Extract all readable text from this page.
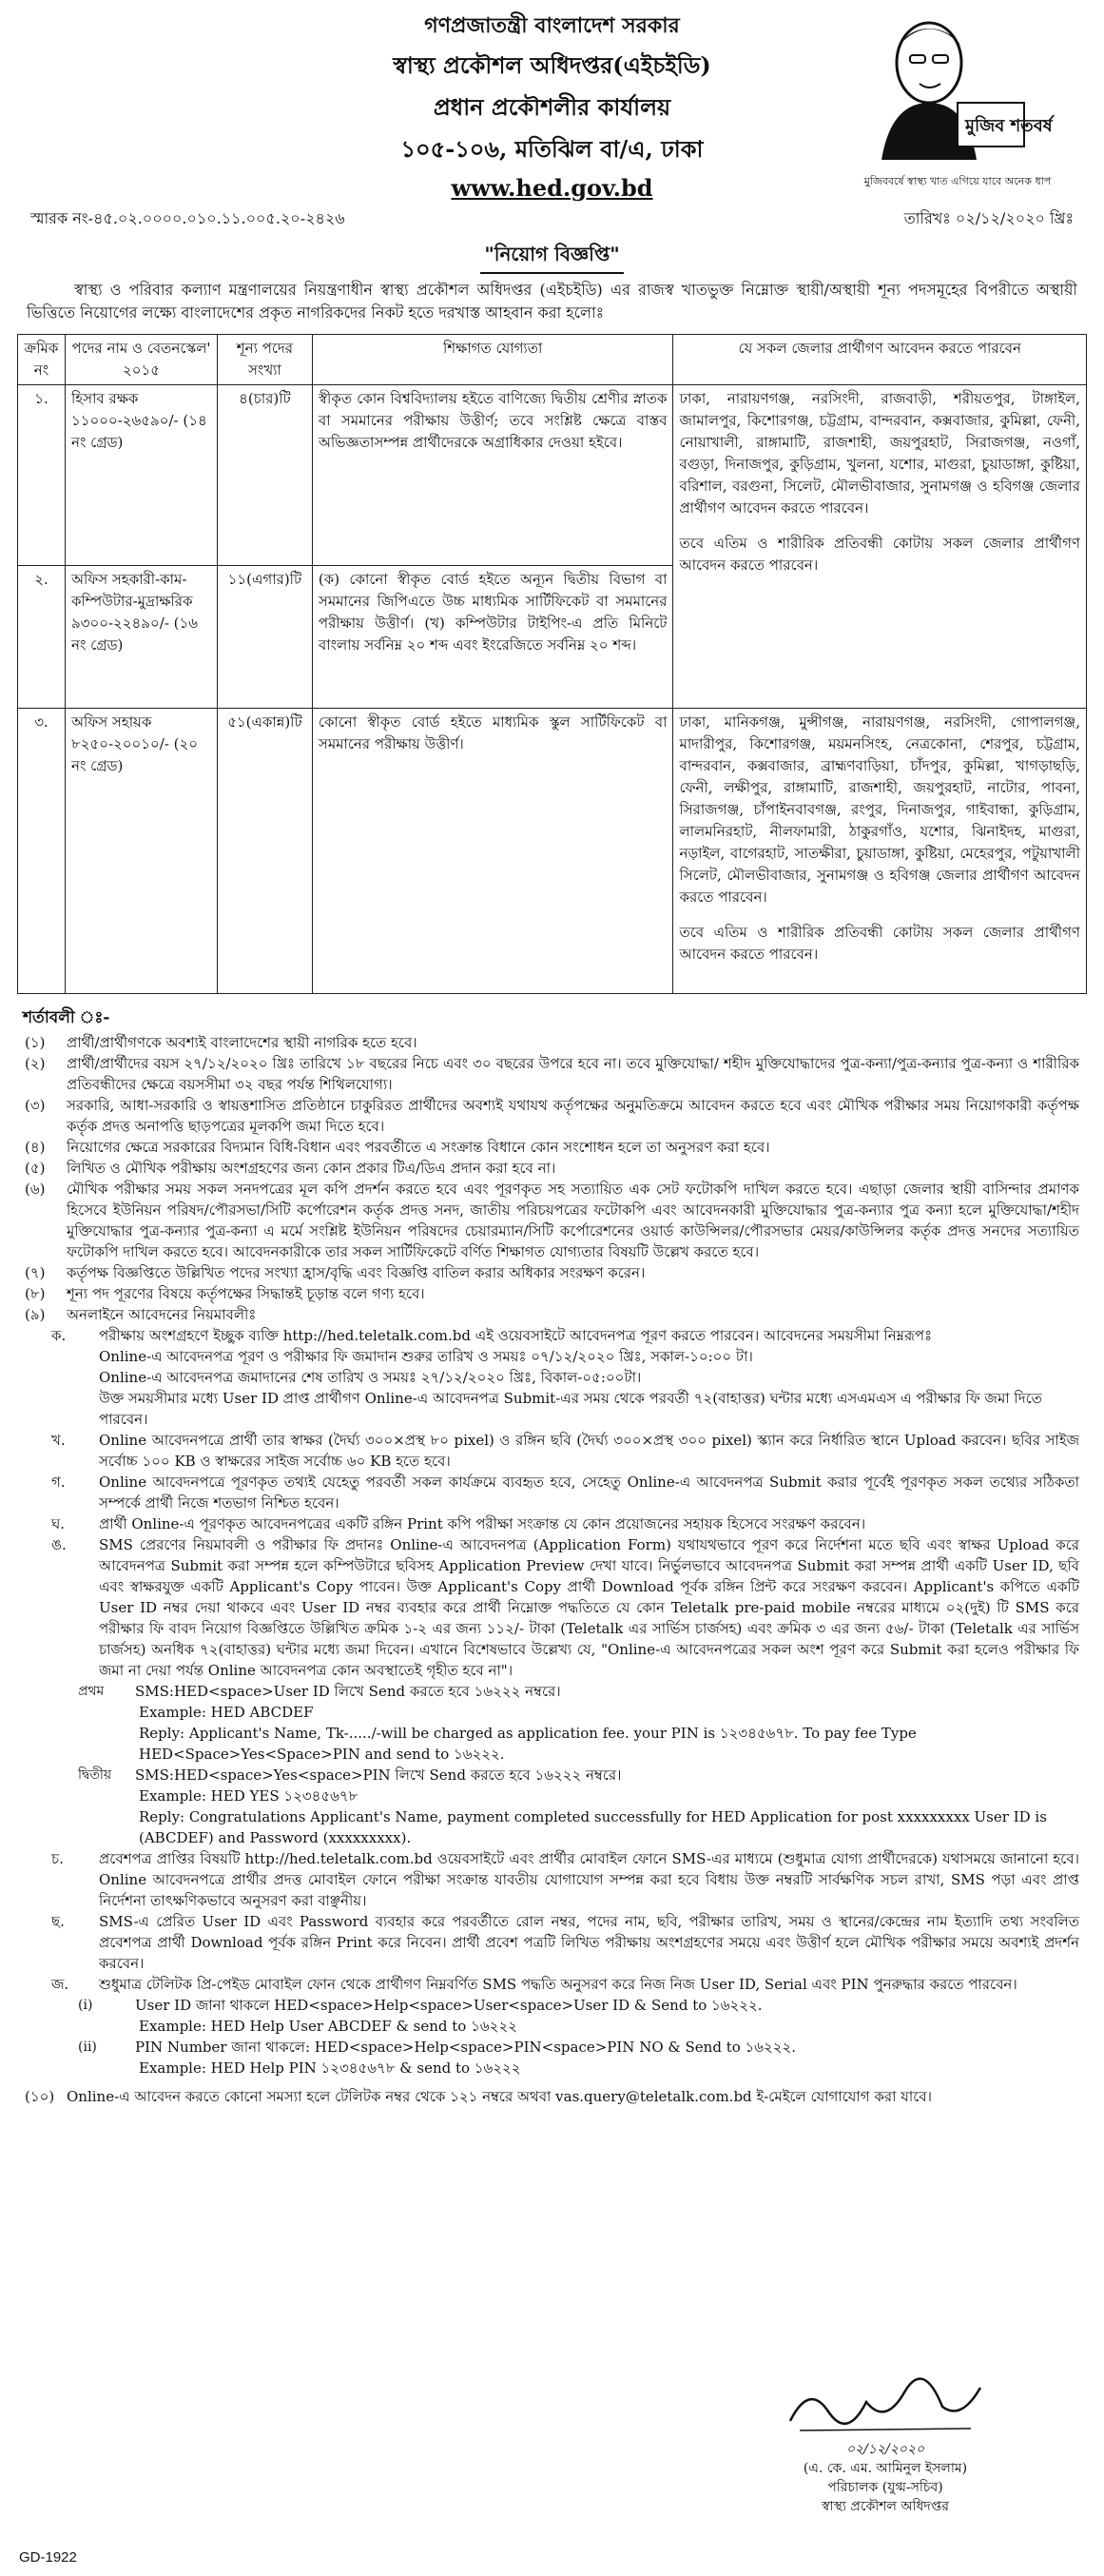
গণপ্রজাতন্ত্রী বাংলাদেশ সরকার
স্বাস্থ্য প্রকৌশল অধিদপ্তর(এইচইডি)
প্রধান প্রকৌশলীর কার্যালয়
১০৫-১০৬, মতিঝিল বা/এ, ঢাকা
www.hed.gov.bd
মুজিব শতবর্ষ
মুজিববর্ষে স্বাস্থ্য খাত এগিয়ে যাবে অনেক ধাপ
স্মারক নং-৪৫.০২.০০০০.০১০.১১.০০৫.২০-২৪২৬	তারিখঃ ০২/১২/২০২০ খ্রিঃ
"নিয়োগ বিজ্ঞপ্তি"

স্বাস্থ্য ও পরিবার কল্যাণ মন্ত্রণালয়ের নিয়ন্ত্রণাধীন স্বাস্থ্য প্রকৌশল অধিদপ্তর (এইচইডি) এর রাজস্ব খাতভুক্ত নিম্নোক্ত স্থায়ী/অস্থায়ী শূন্য পদসমূহের বিপরীতে অস্থায়ী ভিত্তিতে নিয়োগের লক্ষ্যে বাংলাদেশের প্রকৃত নাগরিকদের নিকট হতে দরখাস্ত আহবান করা হলোঃ

ক্রমিক নং	পদের নাম ও বেতনস্কেল' ২০১৫	শূন্য পদের সংখ্যা	শিক্ষাগত যোগ্যতা	যে সকল জেলার প্রার্থীগণ আবেদন করতে পারবেন
১.	হিসাব রক্ষক ১১০০০-২৬৫৯০/- (১৪ নং গ্রেড)	৪(চার)টি	স্বীকৃত কোন বিশ্ববিদ্যালয় হইতে বাণিজ্যে দ্বিতীয় শ্রেণীর স্নাতক বা সমমানের পরীক্ষায় উত্তীর্ণ; তবে সংশ্লিষ্ট ক্ষেত্রে বাস্তব অভিজ্ঞতাসম্পন্ন প্রার্থীদেরকে অগ্রাধিকার দেওয়া হইবে।	ঢাকা, নারায়ণগঞ্জ, নরসিংদী, রাজবাড়ী, শরীয়তপুর, টাঙ্গাইল, জামালপুর, কিশোরগঞ্জ, চট্টগ্রাম, বান্দরবান, কক্সবাজার, কুমিল্লা, ফেনী, নোয়াখালী, রাঙ্গামাটি, রাজশাহী, জয়পুরহাট, সিরাজগঞ্জ, নওগাঁ, বগুড়া, দিনাজপুর, কুড়িগ্রাম, খুলনা, যশোর, মাগুরা, চুয়াডাঙ্গা, কুষ্টিয়া, বরিশাল, বরগুনা, সিলেট, মৌলভীবাজার, সুনামগঞ্জ ও হবিগঞ্জ জেলার প্রার্থীগণ আবেদন করতে পারবেন।
তবে এতিম ও শারীরিক প্রতিবন্ধী কোটায় সকল জেলার প্রার্থীগণ আবেদন করতে পারবেন।

২.	অফিস সহকারী-কাম-কম্পিউটার-মুদ্রাক্ষরিক ৯৩০০-২২৪৯০/- (১৬ নং গ্রেড)	১১(এগার)টি	(ক) কোনো স্বীকৃত বোর্ড হইতে অন্যূন দ্বিতীয় বিভাগ বা সমমানের জিপিএতে উচ্চ মাধ্যমিক সার্টিফিকেট বা সমমানের পরীক্ষায় উত্তীর্ণ। (খ) কম্পিউটার টাইপিং-এ প্রতি মিনিটে বাংলায় সর্বনিম্ন ২০ শব্দ এবং ইংরেজিতে সর্বনিম্ন ২০ শব্দ।	
৩.	অফিস সহায়ক ৮২৫০-২০০১০/- (২০ নং গ্রেড)	৫১(একান্ন)টি	কোনো স্বীকৃত বোর্ড হইতে মাধ্যমিক স্কুল সার্টিফিকেট বা সমমানের পরীক্ষায় উত্তীর্ণ।	ঢাকা, মানিকগঞ্জ, মুন্সীগঞ্জ, নারায়ণগঞ্জ, নরসিংদী, গোপালগঞ্জ, মাদারীপুর, কিশোরগঞ্জ, ময়মনসিংহ, নেত্রকোনা, শেরপুর, চট্টগ্রাম, বান্দরবান, কক্সবাজার, ব্রাহ্মণবাড়িয়া, চাঁদপুর, কুমিল্লা, খাগড়াছড়ি, ফেনী, লক্ষীপুর, রাঙ্গামাটি, রাজশাহী, জয়পুরহাট, নাটোর, পাবনা, সিরাজগঞ্জ, চাঁপাইনবাবগঞ্জ, রংপুর, দিনাজপুর, গাইবান্ধা, কুড়িগ্রাম, লালমনিরহাট, নীলফামারী, ঠাকুরগাঁও, যশোর, ঝিনাইদহ, মাগুরা, নড়াইল, বাগেরহাট, সাতক্ষীরা, চুয়াডাঙ্গা, কুষ্টিয়া, মেহেরপুর, পটুয়াখালী সিলেট, মৌলভীবাজার, সুনামগঞ্জ ও হবিগঞ্জ জেলার প্রার্থীগণ আবেদন করতে পারবেন।
তবে এতিম ও শারীরিক প্রতিবন্ধী কোটায় সকল জেলার প্রার্থীগণ আবেদন করতে পারবেন।
শর্তাবলী ঃ-
(১)	প্রার্থী/প্রার্থীগণকে অবশ্যই বাংলাদেশের স্থায়ী নাগরিক হতে হবে।
(২)	প্রার্থী/প্রার্থীদের বয়স ২৭/১২/২০২০ খ্রিঃ তারিখে ১৮ বছরের নিচে এবং ৩০ বছরের উপরে হবে না। তবে মুক্তিযোদ্ধা/ শহীদ মুক্তিযোদ্ধাদের পুত্র-কন্যা/পুত্র-কন্যার পুত্র-কন্যা ও শারীরিক প্রতিবন্ধীদের ক্ষেত্রে বয়সসীমা ৩২ বছর পর্যন্ত শিথিলযোগ্য।
(৩)	সরকারি, আধা-সরকারি ও স্বায়ত্তশাসিত প্রতিষ্ঠানে চাকুরিরত প্রার্থীদের অবশ্যই যথাযথ কর্তৃপক্ষের অনুমতিক্রমে আবেদন করতে হবে এবং মৌখিক পরীক্ষার সময় নিয়োগকারী কর্তৃপক্ষ কর্তৃক প্রদত্ত অনাপত্তি ছাড়পত্রের মূলকপি জমা দিতে হবে।
(৪)	নিয়োগের ক্ষেত্রে সরকারের বিদ্যমান বিধি-বিধান এবং পরবর্তীতে এ সংক্রান্ত বিধানে কোন সংশোধন হলে তা অনুসরণ করা হবে।
(৫)	লিখিত ও মৌখিক পরীক্ষায় অংশগ্রহণের জন্য কোন প্রকার টিএ/ডিএ প্রদান করা হবে না।
(৬)	মৌখিক পরীক্ষার সময় সকল সনদপত্রের মূল কপি প্রদর্শন করতে হবে এবং পূরণকৃত সহ সত্যায়িত এক সেট ফটোকপি দাখিল করতে হবে। এছাড়া জেলার স্থায়ী বাসিন্দার প্রমাণক হিসেবে ইউনিয়ন পরিষদ/পৌরসভা/সিটি কর্পোরেশন কর্তৃক প্রদত্ত সনদ, জাতীয় পরিচয়পত্রের ফটোকপি এবং আবেদনকারী মুক্তিযোদ্ধার পুত্র-কন্যার পুত্র কন্যা হলে মুক্তিযোদ্ধা/শহীদ মুক্তিযোদ্ধার পুত্র-কন্যার পুত্র-কন্যা এ মর্মে সংশ্লিষ্ট ইউনিয়ন পরিষদের চেয়ারম্যান/সিটি কর্পোরেশনের ওয়ার্ড কাউন্সিলর/পৌরসভার মেয়র/কাউন্সিলর কর্তৃক প্রদত্ত সনদের সত্যায়িত ফটোকপি দাখিল করতে হবে। আবেদনকারীকে তার সকল সার্টিফিকেটে বর্ণিত শিক্ষাগত যোগ্যতার বিষয়টি উল্লেখ করতে হবে।
(৭)	কর্তৃপক্ষ বিজ্ঞপ্তিতে উল্লিখিত পদের সংখ্যা হ্রাস/বৃদ্ধি এবং বিজ্ঞপ্তি বাতিল করার অধিকার সংরক্ষণ করেন।
(৮)	শূন্য পদ পূরণের বিষয়ে কর্তৃপক্ষের সিদ্ধান্তই চূড়ান্ত বলে গণ্য হবে।
(৯)	অনলাইনে আবেদনের নিয়মাবলীঃ
ক.	পরীক্ষায় অংশগ্রহণে ইচ্ছুক ব্যক্তি http://hed.teletalk.com.bd এই ওয়েবসাইটে আবেদনপত্র পূরণ করতে পারবেন। আবেদনের সময়সীমা নিম্নরূপঃ
Online-এ আবেদনপত্র পূরণ ও পরীক্ষার ফি জমাদান শুরুর তারিখ ও সময়ঃ ০৭/১২/২০২০ খ্রিঃ, সকাল-১০:০০ টা।
Online-এ আবেদনপত্র জমাদানের শেষ তারিখ ও সময়ঃ ২৭/১২/২০২০ খ্রিঃ, বিকাল-০৫:০০টা।
উক্ত সময়সীমার মধ্যে User ID প্রাপ্ত প্রার্থীগণ Online-এ আবেদনপত্র Submit-এর সময় থেকে পরবর্তী ৭২(বাহাত্তর) ঘন্টার মধ্যে এসএমএস এ পরীক্ষার ফি জমা দিতে পারবেন।
খ.	Online আবেদনপত্রে প্রার্থী তার স্বাক্ষর (দৈর্ঘ্য ৩০০×প্রস্থ ৮০ pixel) ও রঙ্গিন ছবি (দৈর্ঘ্য ৩০০×প্রস্থ ৩০০ pixel) স্ক্যান করে নির্ধারিত স্থানে Upload করবেন। ছবির সাইজ সর্বোচ্চ ১০০ KB ও স্বাক্ষরের সাইজ সর্বোচ্চ ৬০ KB হতে হবে।
গ.	Online আবেদনপত্রে পূরণকৃত তথ্যই যেহেতু পরবর্তী সকল কার্যক্রমে ব্যবহৃত হবে, সেহেতু Online-এ আবেদনপত্র Submit করার পূর্বেই পূরণকৃত সকল তথ্যের সঠিকতা সম্পর্কে প্রার্থী নিজে শতভাগ নিশ্চিত হবেন।
ঘ.	প্রার্থী Online-এ পূরণকৃত আবেদনপত্রের একটি রঙ্গিন Print কপি পরীক্ষা সংক্রান্ত যে কোন প্রয়োজনের সহায়ক হিসেবে সংরক্ষণ করবেন।
ঙ.	SMS প্রেরণের নিয়মাবলী ও পরীক্ষার ফি প্রদানঃ Online-এ আবেদনপত্র (Application Form) যথাযথভাবে পূরণ করে নির্দেশনা মতে ছবি এবং স্বাক্ষর Upload করে আবেদনপত্র Submit করা সম্পন্ন হলে কম্পিউটারে ছবিসহ Application Preview দেখা যাবে। নির্ভুলভাবে আবেদনপত্র Submit করা সম্পন্ন প্রার্থী একটি User ID, ছবি এবং স্বাক্ষরযুক্ত একটি Applicant's Copy পাবেন। উক্ত Applicant's Copy প্রার্থী Download পূর্বক রঙ্গিন প্রিন্ট করে সংরক্ষণ করবেন। Applicant's কপিতে একটি User ID নম্বর দেয়া থাকবে এবং User ID নম্বর ব্যবহার করে প্রার্থী নিম্নোক্ত পদ্ধতিতে যে কোন Teletalk pre-paid mobile নম্বরের মাধ্যমে ০২(দুই) টি SMS করে পরীক্ষার ফি বাবদ নিয়োগ বিজ্ঞপ্তিতে উল্লিখিত ক্রমিক ১-২ এর জন্য ১১২/- টাকা (Teletalk এর সার্ভিস চার্জসহ) এবং ক্রমিক ৩ এর জন্য ৫৬/- টাকা (Teletalk এর সার্ভিস চার্জসহ) অনধিক ৭২(বাহাত্তর) ঘন্টার মধ্যে জমা দিবেন। এখানে বিশেষভাবে উল্লেখ্য যে, "Online-এ আবেদনপত্রের সকল অংশ পূরণ করে Submit করা হলেও পরীক্ষার ফি জমা না দেয়া পর্যন্ত Online আবেদনপত্র কোন অবস্থাতেই গৃহীত হবে না"।
প্রথম	SMS:HED<space>User ID লিখে Send করতে হবে ১৬২২২ নম্বরে।
Example: HED ABCDEF
Reply: Applicant's Name, Tk-...../-will be charged as application fee. your PIN is ১২৩৪৫৬৭৮. To pay fee Type HED<Space>Yes<Space>PIN and send to ১৬২২২.
দ্বিতীয়	SMS:HED<space>Yes<space>PIN লিখে Send করতে হবে ১৬২২২ নম্বরে।
Example: HED YES ১২৩৪৫৬৭৮
Reply: Congratulations Applicant's Name, payment completed successfully for HED Application for post xxxxxxxxx User ID is (ABCDEF) and Password (xxxxxxxxx).
চ.	প্রবেশপত্র প্রাপ্তির বিষয়টি http://hed.teletalk.com.bd ওয়েবসাইটে এবং প্রার্থীর মোবাইল ফোনে SMS-এর মাধ্যমে (শুধুমাত্র যোগ্য প্রার্থীদেরকে) যথাসময়ে জানানো হবে। Online আবেদনপত্রে প্রার্থীর প্রদত্ত মোবাইল ফোনে পরীক্ষা সংক্রান্ত যাবতীয় যোগাযোগ সম্পন্ন করা হবে বিধায় উক্ত নম্বরটি সার্বক্ষণিক সচল রাখা, SMS পড়া এবং প্রাপ্ত নির্দেশনা তাৎক্ষণিকভাবে অনুসরণ করা বাঞ্ছনীয়।
ছ.	SMS-এ প্রেরিত User ID এবং Password ব্যবহার করে পরবর্তীতে রোল নম্বর, পদের নাম, ছবি, পরীক্ষার তারিখ, সময় ও স্থানের/কেন্দ্রের নাম ইত্যাদি তথ্য সংবলিত প্রবেশপত্র প্রার্থী Download পূর্বক রঙ্গিন Print করে নিবেন। প্রার্থী প্রবেশ পত্রটি লিখিত পরীক্ষায় অংশগ্রহণের সময়ে এবং উত্তীর্ণ হলে মৌখিক পরীক্ষার সময়ে অবশ্যই প্রদর্শন করবেন।
জ.	শুধুমাত্র টেলিটক প্রি-পেইড মোবাইল ফোন থেকে প্রার্থীগণ নিম্নবর্ণিত SMS পদ্ধতি অনুসরণ করে নিজ নিজ User ID, Serial এবং PIN পুনরুদ্ধার করতে পারবেন।
(i)	User ID জানা থাকলে HED<space>Help<space>User<space>User ID & Send to ১৬২২২.
Example: HED Help User ABCDEF & send to ১৬২২২
(ii)	PIN Number জানা থাকলে: HED<space>Help<space>PIN<space>PIN NO & Send to ১৬২২২.
Example: HED Help PIN ১২৩৪৫৬৭৮ & send to ১৬২২২
(১০) Online-এ আবেদন করতে কোনো সমস্যা হলে টেলিটক নম্বর থেকে ১২১ নম্বরে অথবা vas.query@teletalk.com.bd ই-মেইলে যোগাযোগ করা যাবে।
০২/১২/২০২০
(এ. কে. এম. আমিনুল ইসলাম)
পরিচালক (যুগ্ম-সচিব)
স্বাস্থ্য প্রকৌশল অধিদপ্তর
GD-1922
